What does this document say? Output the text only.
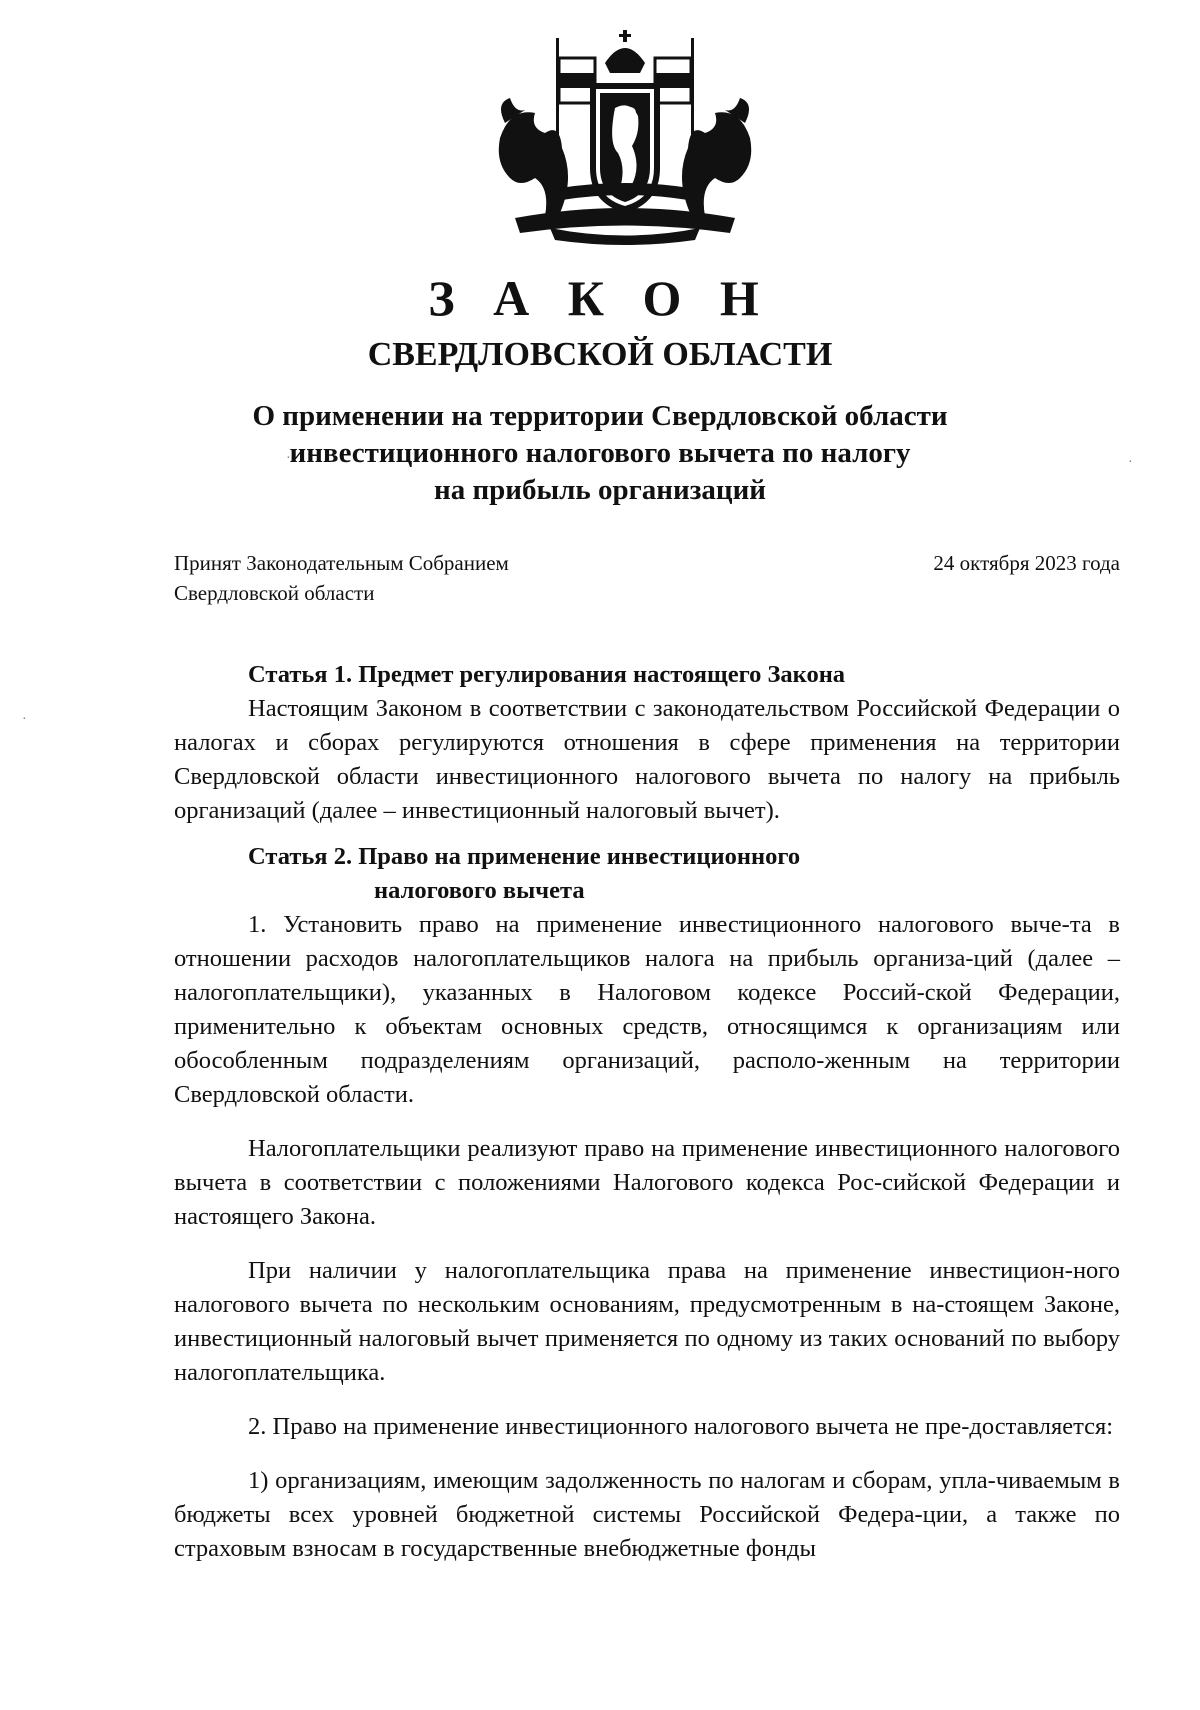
З А К О Н
СВЕРДЛОВСКОЙ ОБЛАСТИ
О применении на территории Свердловской области
инвестиционного налогового вычета по налогу
на прибыль организаций
Принят Законодательным Собранием
Свердловской области
24 октября 2023 года

Статья 1. Предмет регулирования настоящего Закона

Настоящим Законом в соответствии с законодательством Российской Федерации о налогах и сборах регулируются отношения в сфере применения на территории Свердловской области инвестиционного налогового вычета по налогу на прибыль организаций (далее – инвестиционный налоговый вычет).

Статья 2. Право на применение инвестиционного
налогового вычета

1. Установить право на применение инвестиционного налогового выче-та в отношении расходов налогоплательщиков налога на прибыль организа-ций (далее – налогоплательщики), указанных в Налоговом кодексе Россий-ской Федерации, применительно к объектам основных средств, относящимся к организациям или обособленным подразделениям организаций, располо-женным на территории Свердловской области.

Налогоплательщики реализуют право на применение инвестиционного налогового вычета в соответствии с положениями Налогового кодекса Рос-сийской Федерации и настоящего Закона.

При наличии у налогоплательщика права на применение инвестицион-ного налогового вычета по нескольким основаниям, предусмотренным в на-стоящем Законе, инвестиционный налоговый вычет применяется по одному из таких оснований по выбору налогоплательщика.

2. Право на применение инвестиционного налогового вычета не пре-доставляется:

1) организациям, имеющим задолженность по налогам и сборам, упла-чиваемым в бюджеты всех уровней бюджетной системы Российской Федера-ции, а также по страховым взносам в государственные внебюджетные фонды

·
·
·
